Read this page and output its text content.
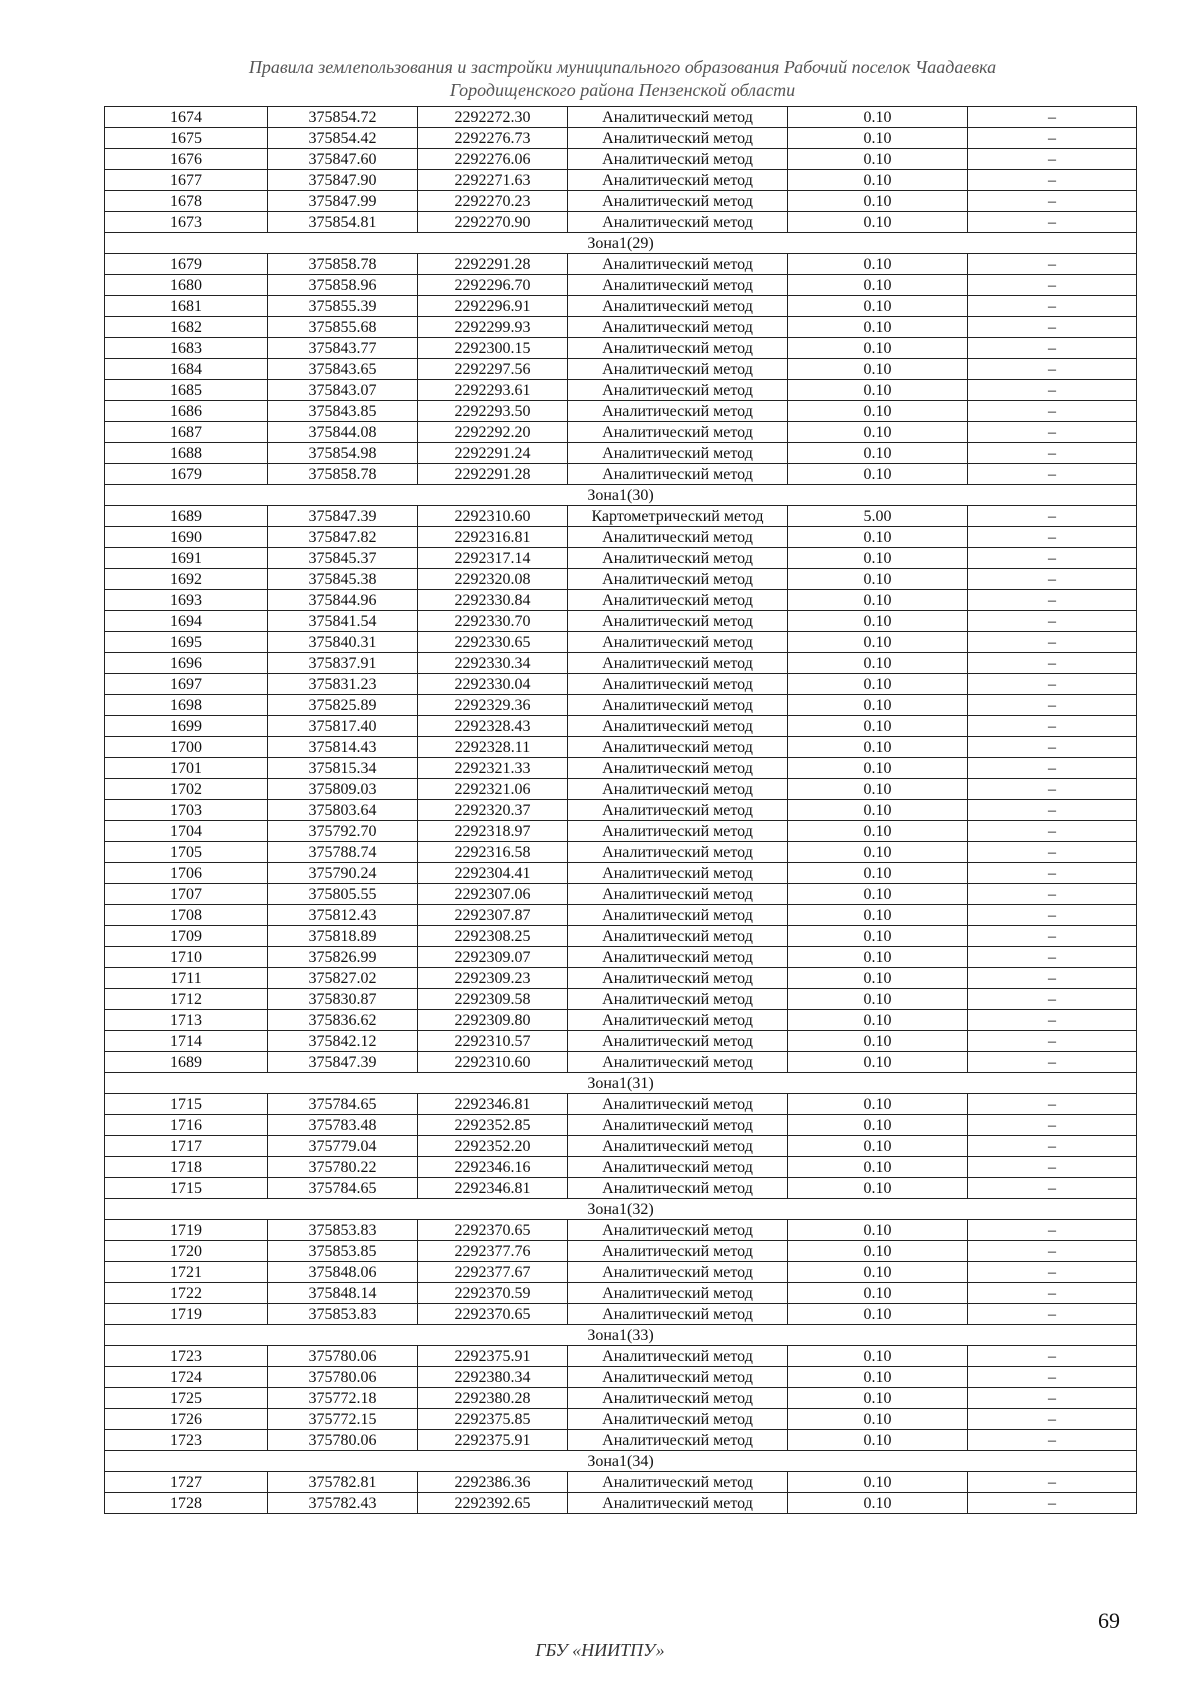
Правила землепользования и застройки муниципального образования Рабочий поселок Чаадаевка
Городищенского района Пензенской области
1674	375854.72	2292272.30	Аналитический метод	0.10	–
1675	375854.42	2292276.73	Аналитический метод	0.10	–
1676	375847.60	2292276.06	Аналитический метод	0.10	–
1677	375847.90	2292271.63	Аналитический метод	0.10	–
1678	375847.99	2292270.23	Аналитический метод	0.10	–
1673	375854.81	2292270.90	Аналитический метод	0.10	–
Зона1(29)					
1679	375858.78	2292291.28	Аналитический метод	0.10	–
1680	375858.96	2292296.70	Аналитический метод	0.10	–
1681	375855.39	2292296.91	Аналитический метод	0.10	–
1682	375855.68	2292299.93	Аналитический метод	0.10	–
1683	375843.77	2292300.15	Аналитический метод	0.10	–
1684	375843.65	2292297.56	Аналитический метод	0.10	–
1685	375843.07	2292293.61	Аналитический метод	0.10	–
1686	375843.85	2292293.50	Аналитический метод	0.10	–
1687	375844.08	2292292.20	Аналитический метод	0.10	–
1688	375854.98	2292291.24	Аналитический метод	0.10	–
1679	375858.78	2292291.28	Аналитический метод	0.10	–
Зона1(30)					
1689	375847.39	2292310.60	Картометрический метод	5.00	–
1690	375847.82	2292316.81	Аналитический метод	0.10	–
1691	375845.37	2292317.14	Аналитический метод	0.10	–
1692	375845.38	2292320.08	Аналитический метод	0.10	–
1693	375844.96	2292330.84	Аналитический метод	0.10	–
1694	375841.54	2292330.70	Аналитический метод	0.10	–
1695	375840.31	2292330.65	Аналитический метод	0.10	–
1696	375837.91	2292330.34	Аналитический метод	0.10	–
1697	375831.23	2292330.04	Аналитический метод	0.10	–
1698	375825.89	2292329.36	Аналитический метод	0.10	–
1699	375817.40	2292328.43	Аналитический метод	0.10	–
1700	375814.43	2292328.11	Аналитический метод	0.10	–
1701	375815.34	2292321.33	Аналитический метод	0.10	–
1702	375809.03	2292321.06	Аналитический метод	0.10	–
1703	375803.64	2292320.37	Аналитический метод	0.10	–
1704	375792.70	2292318.97	Аналитический метод	0.10	–
1705	375788.74	2292316.58	Аналитический метод	0.10	–
1706	375790.24	2292304.41	Аналитический метод	0.10	–
1707	375805.55	2292307.06	Аналитический метод	0.10	–
1708	375812.43	2292307.87	Аналитический метод	0.10	–
1709	375818.89	2292308.25	Аналитический метод	0.10	–
1710	375826.99	2292309.07	Аналитический метод	0.10	–
1711	375827.02	2292309.23	Аналитический метод	0.10	–
1712	375830.87	2292309.58	Аналитический метод	0.10	–
1713	375836.62	2292309.80	Аналитический метод	0.10	–
1714	375842.12	2292310.57	Аналитический метод	0.10	–
1689	375847.39	2292310.60	Аналитический метод	0.10	–
Зона1(31)					
1715	375784.65	2292346.81	Аналитический метод	0.10	–
1716	375783.48	2292352.85	Аналитический метод	0.10	–
1717	375779.04	2292352.20	Аналитический метод	0.10	–
1718	375780.22	2292346.16	Аналитический метод	0.10	–
1715	375784.65	2292346.81	Аналитический метод	0.10	–
Зона1(32)					
1719	375853.83	2292370.65	Аналитический метод	0.10	–
1720	375853.85	2292377.76	Аналитический метод	0.10	–
1721	375848.06	2292377.67	Аналитический метод	0.10	–
1722	375848.14	2292370.59	Аналитический метод	0.10	–
1719	375853.83	2292370.65	Аналитический метод	0.10	–
Зона1(33)					
1723	375780.06	2292375.91	Аналитический метод	0.10	–
1724	375780.06	2292380.34	Аналитический метод	0.10	–
1725	375772.18	2292380.28	Аналитический метод	0.10	–
1726	375772.15	2292375.85	Аналитический метод	0.10	–
1723	375780.06	2292375.91	Аналитический метод	0.10	–
Зона1(34)					
1727	375782.81	2292386.36	Аналитический метод	0.10	–
1728	375782.43	2292392.65	Аналитический метод	0.10	–
69
ГБУ «НИИТПУ»
